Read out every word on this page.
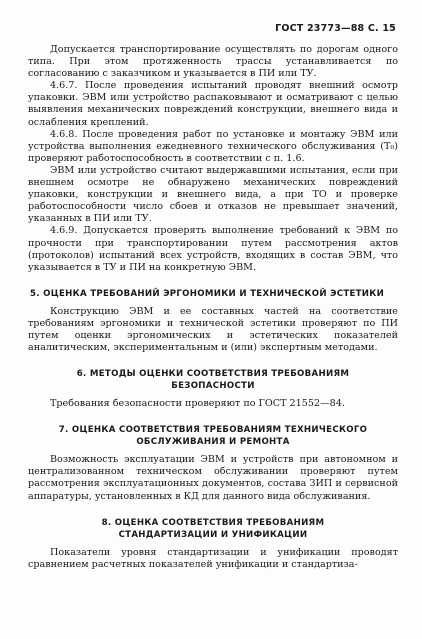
ГОСТ 23773—88 С. 15

Допускается транспортирование осуществлять по дорогам одного типа. При этом протяженность трассы устанавливается по согласованию с заказчиком и указывается в ПИ или ТУ.

4.6.7. После проведения испытаний проводят внешний осмотр упаковки. ЭВМ или устройство распаковывают и осматривают с целью выявления механических повреждений конструкции, внешнего вида и ослабления креплений.

4.6.8. После проведения работ по установке и монтажу ЭВМ или устройства выполнения ежедневного технического обслуживания (Т₀) проверяют работоспособность в соответствии с п. 1.6.

ЭВМ или устройство считают выдержавшими испытания, если при внешнем осмотре не обнаружено механических повреждений упаковки, конструкции и внешнего вида, а при ТО и проверке работоспособности число сбоев и отказов не превышает значений, указанных в ПИ или ТУ.

4.6.9. Допускается проверять выполнение требований к ЭВМ по прочности при транспортировании путем рассмотрения актов (протоколов) испытаний всех устройств, входящих в состав ЭВМ, что указывается в ТУ и ПИ на конкретную ЭВМ.

5. ОЦЕНКА ТРЕБОВАНИЙ ЭРГОНОМИКИ И ТЕХНИЧЕСКОЙ ЭСТЕТИКИ

Конструкцию ЭВМ и ее составных частей на соответствие требованиям эргономики и технической эстетики проверяют по ПИ путем оценки эргономических и эстетических показателей аналитическим, экспериментальным и (или) экспертным методами.

6. МЕТОДЫ ОЦЕНКИ СООТВЕТСТВИЯ ТРЕБОВАНИЯМ
БЕЗОПАСНОСТИ

Требования безопасности проверяют по ГОСТ 21552—84.

7. ОЦЕНКА СООТВЕТСТВИЯ ТРЕБОВАНИЯМ ТЕХНИЧЕСКОГО
ОБСЛУЖИВАНИЯ И РЕМОНТА

Возможность эксплуатации ЭВМ и устройств при автономном и централизованном техническом обслуживании проверяют путем рассмотрения эксплуатационных документов, состава ЗИП и сервисной аппаратуры, установленных в КД для данного вида обслуживания.

8. ОЦЕНКА СООТВЕТСТВИЯ ТРЕБОВАНИЯМ
СТАНДАРТИЗАЦИИ И УНИФИКАЦИИ

Показатели уровня стандартизации и унификации проводят сравнением расчетных показателей унификации и стандартиза-
